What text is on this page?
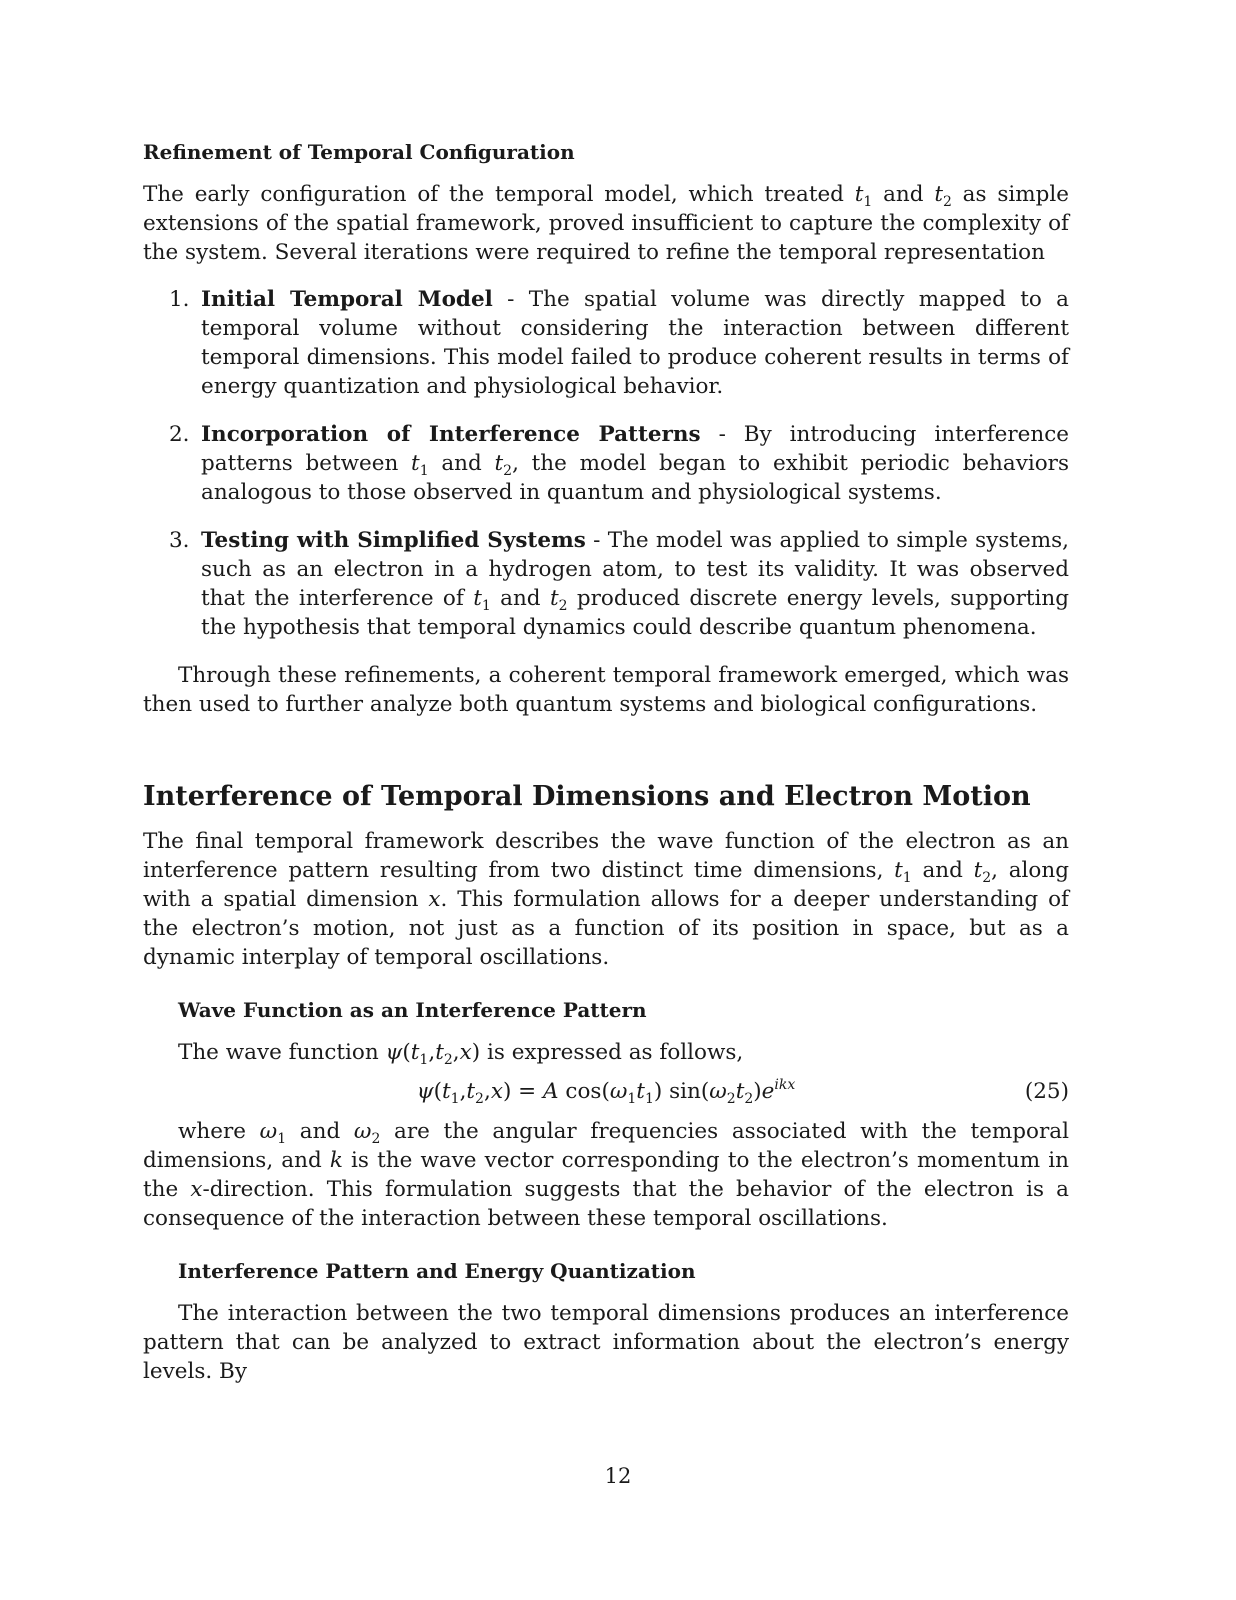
Refinement of Temporal Configuration

The early configuration of the temporal model, which treated $t_1$ and $t_2$ as simple extensions of the spatial framework, proved insufficient to capture the complexity of the system. Several iterations were required to refine the temporal representation

1. Initial Temporal Model - The spatial volume was directly mapped to a temporal volume without considering the interaction between different temporal dimensions. This model failed to produce coherent results in terms of energy quantization and physiological behavior.
2. Incorporation of Interference Patterns - By introducing interference patterns between $t_1$ and $t_2$, the model began to exhibit periodic behaviors analogous to those observed in quantum and physiological systems.
3. Testing with Simplified Systems - The model was applied to simple systems, such as an electron in a hydrogen atom, to test its validity. It was observed that the interference of $t_1$ and $t_2$ produced discrete energy levels, supporting the hypothesis that temporal dynamics could describe quantum phenomena.

Through these refinements, a coherent temporal framework emerged, which was then used to further analyze both quantum systems and biological configurations.

Interference of Temporal Dimensions and Electron Motion

The final temporal framework describes the wave function of the electron as an interference pattern resulting from two distinct time dimensions, $t_1$ and $t_2$, along with a spatial dimension x. This formulation allows for a deeper understanding of the electron’s motion, not just as a function of its position in space, but as a dynamic interplay of temporal oscillations.

Wave Function as an Interference Pattern

The wave function $\psi(t_1,t_2,x)$ is expressed as follows,

$\psi(t_1,t_2,x) = A$ $\cos(\omega_1t_1)$ $\sin(\omega_2t_2)e^{ikx}$	(25)

where $\omega_1$ and $\omega_2$ are the angular frequencies associated with the temporal dimensions, and k is the wave vector corresponding to the electron’s momentum in the x-direction. This formulation suggests that the behavior of the electron is a consequence of the interaction between these temporal oscillations.

Interference Pattern and Energy Quantization

The interaction between the two temporal dimensions produces an interference pattern that can be analyzed to extract information about the electron’s energy levels. By

12
